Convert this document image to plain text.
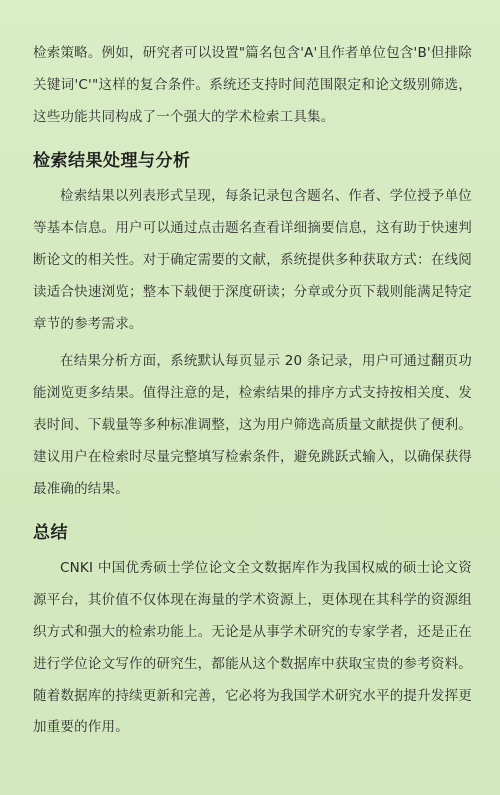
检索策略。例如，研究者可以设置"篇名包含'A'且作者单位包含'B'但排除关键词'C'"这样的复合条件。系统还支持时间范围限定和论文级别筛选，这些功能共同构成了一个强大的学术检索工具集。

检索结果处理与分析

检索结果以列表形式呈现，每条记录包含题名、作者、学位授予单位等基本信息。用户可以通过点击题名查看详细摘要信息，这有助于快速判断论文的相关性。对于确定需要的文献，系统提供多种获取方式：在线阅读适合快速浏览；整本下载便于深度研读；分章或分页下载则能满足特定章节的参考需求。

在结果分析方面，系统默认每页显示 20 条记录，用户可通过翻页功能浏览更多结果。值得注意的是，检索结果的排序方式支持按相关度、发表时间、下载量等多种标准调整，这为用户筛选高质量文献提供了便利。建议用户在检索时尽量完整填写检索条件，避免跳跃式输入，以确保获得最准确的结果。

总结

CNKI 中国优秀硕士学位论文全文数据库作为我国权威的硕士论文资源平台，其价值不仅体现在海量的学术资源上，更体现在其科学的资源组织方式和强大的检索功能上。无论是从事学术研究的专家学者，还是正在进行学位论文写作的研究生，都能从这个数据库中获取宝贵的参考资料。随着数据库的持续更新和完善，它必将为我国学术研究水平的提升发挥更加重要的作用。
